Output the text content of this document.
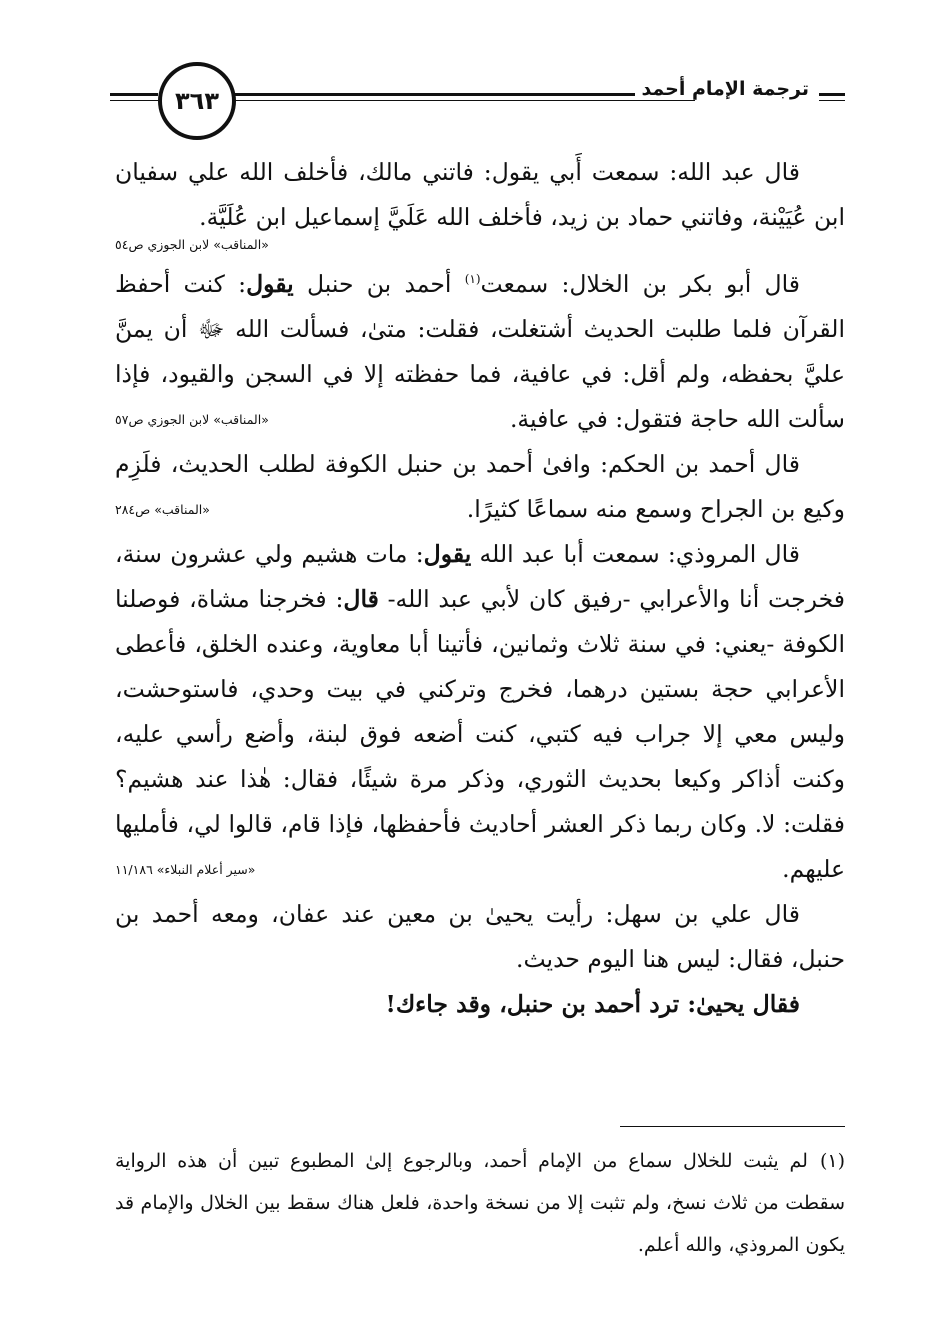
٣٦٣	ترجمة الإمام أحمد

قال عبد الله: سمعت أَبي يقول: فاتني مالك، فأخلف الله علي سفيان ابن عُيَيْنة، وفاتني حماد بن زيد، فأخلف الله عَلَيَّ إسماعيل ابن عُلَيَّة.

«المناقب» لابن الجوزي ص٥٤

قال أبو بكر بن الخلال: سمعت$^{(١)}$ أحمد بن حنبل يقول: كنت أحفظ القرآن فلما طلبت الحديث أشتغلت، فقلت: متىٰ، فسألت الله ﷻ أن يمنَّ عليَّ بحفظه، ولم أقل: في عافية، فما حفظته إلا في السجن والقيود، فإذا سألت الله حاجة فتقول: في عافية.
«المناقب» لابن الجوزي ص٥٧

قال أحمد بن الحكم: وافىٰ أحمد بن حنبل الكوفة لطلب الحديث، فلَزِم وكيع بن الجراح وسمع منه سماعًا كثيرًا.
«المناقب» ص٢٨٤

قال المروذي: سمعت أبا عبد الله يقول: مات هشيم ولي عشرون سنة، فخرجت أنا والأعرابي -رفيق كان لأبي عبد الله- قال: فخرجنا مشاة، فوصلنا الكوفة -يعني: في سنة ثلاث وثمانين، فأتينا أبا معاوية، وعنده الخلق، فأعطى الأعرابي حجة بستين درهما، فخرج وتركني في بيت وحدي، فاستوحشت، وليس معي إلا جراب فيه كتبي، كنت أضعه فوق لبنة، وأضع رأسي عليه، وكنت أذاكر وكيعا بحديث الثوري، وذكر مرة شيئًا، فقال: هٰذا عند هشيم؟ فقلت: لا. وكان ربما ذكر العشر أحاديث فأحفظها، فإذا قام، قالوا لي، فأمليها عليهم.
«سير أعلام النبلاء» ١١/١٨٦

قال علي بن سهل: رأيت يحيىٰ بن معين عند عفان، ومعه أحمد بن حنبل، فقال: ليس هنا اليوم حديث.

فقال يحيىٰ: ترد أحمد بن حنبل، وقد جاءك!

(١)لم يثبت للخلال سماع من الإمام أحمد، وبالرجوع إلىٰ المطبوع تبين أن هذه الرواية سقطت من ثلاث نسخ، ولم تثبت إلا من نسخة واحدة، فلعل هناك سقط بين الخلال والإمام قد يكون المروذي، والله أعلم.
